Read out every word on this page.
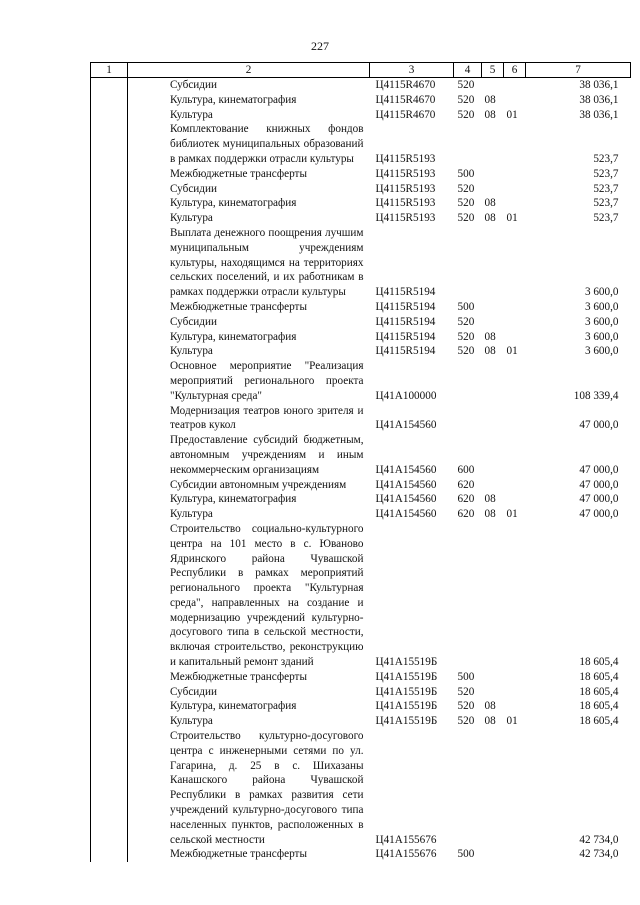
227
1	2	3	4	5	6	7
	Субсидии	Ц4115R4670	520			38 036,1
	Культура, кинематография	Ц4115R4670	520	08		38 036,1
	Культура	Ц4115R4670	520	08	01	38 036,1
	Комплектование книжных фондов библиотек муниципальных образований в рамках поддержки отрасли культуры	Ц4115R5193				523,7
	Межбюджетные трансферты	Ц4115R5193	500			523,7
	Субсидии	Ц4115R5193	520			523,7
	Культура, кинематография	Ц4115R5193	520	08		523,7
	Культура	Ц4115R5193	520	08	01	523,7
	Выплата денежного поощрения лучшим муниципальным учреждениям культуры, находящимся на территориях сельских поселений, и их работникам в рамках поддержки отрасли культуры	Ц4115R5194				3 600,0
	Межбюджетные трансферты	Ц4115R5194	500			3 600,0
	Субсидии	Ц4115R5194	520			3 600,0
	Культура, кинематография	Ц4115R5194	520	08		3 600,0
	Культура	Ц4115R5194	520	08	01	3 600,0
	Основное мероприятие "Реализация мероприятий регионального проекта "Культурная среда"	Ц41A100000				108 339,4
	Модернизация театров юного зрителя и театров кукол	Ц41A154560				47 000,0
	Предоставление субсидий бюджетным, автономным учреждениям и иным некоммерческим организациям	Ц41A154560	600			47 000,0
	Субсидии автономным учреждениям	Ц41A154560	620			47 000,0
	Культура, кинематография	Ц41A154560	620	08		47 000,0
	Культура	Ц41A154560	620	08	01	47 000,0
	Строительство социально-культурного центра на 101 место в с. Юваново Ядринского района Чувашской Республики в рамках мероприятий регионального проекта "Культурная среда", направленных на создание и модернизацию учреждений культурно-досугового типа в сельской местности, включая строительство, реконструкцию и капитальный ремонт зданий	Ц41A15519Б				18 605,4
	Межбюджетные трансферты	Ц41A15519Б	500			18 605,4
	Субсидии	Ц41A15519Б	520			18 605,4
	Культура, кинематография	Ц41A15519Б	520	08		18 605,4
	Культура	Ц41A15519Б	520	08	01	18 605,4
	Строительство культурно-досугового центра с инженерными сетями по ул. Гагарина, д. 25 в с. Шихазаны Канашского района Чувашской Республики в рамках развития сети учреждений культурно-досугового типа населенных пунктов, расположенных в сельской местности	Ц41A155676				42 734,0
	Межбюджетные трансферты	Ц41A155676	500			42 734,0
